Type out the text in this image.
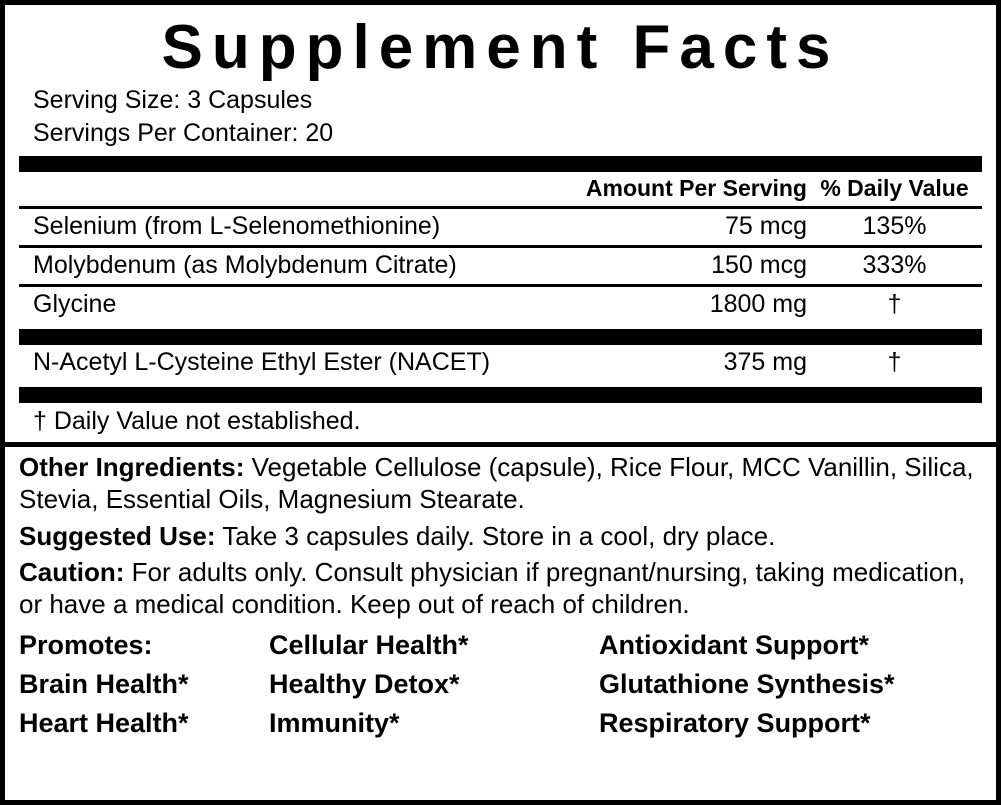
Supplement Facts
Serving Size: 3 Capsules
Servings Per Container: 20
	Amount Per Serving	% Daily Value
Selenium (from L-Selenomethionine)	75 mcg	135%
Molybdenum (as Molybdenum Citrate)	150 mcg	333%
Glycine	1800 mg	†
N-Acetyl L-Cysteine Ethyl Ester (NACET)	375 mg	†
† Daily Value not established.
Other Ingredients: Vegetable Cellulose (capsule), Rice Flour, MCC Vanillin, Silica, Stevia, Essential Oils, Magnesium Stearate.
Suggested Use: Take 3 capsules daily. Store in a cool, dry place.
Caution: For adults only. Consult physician if pregnant/nursing, taking medication, or have a medical condition. Keep out of reach of children.
Promotes:	Cellular Health*	Antioxidant Support*
Brain Health*	Healthy Detox*	Glutathione Synthesis*
Heart Health*	Immunity*	Respiratory Support*
